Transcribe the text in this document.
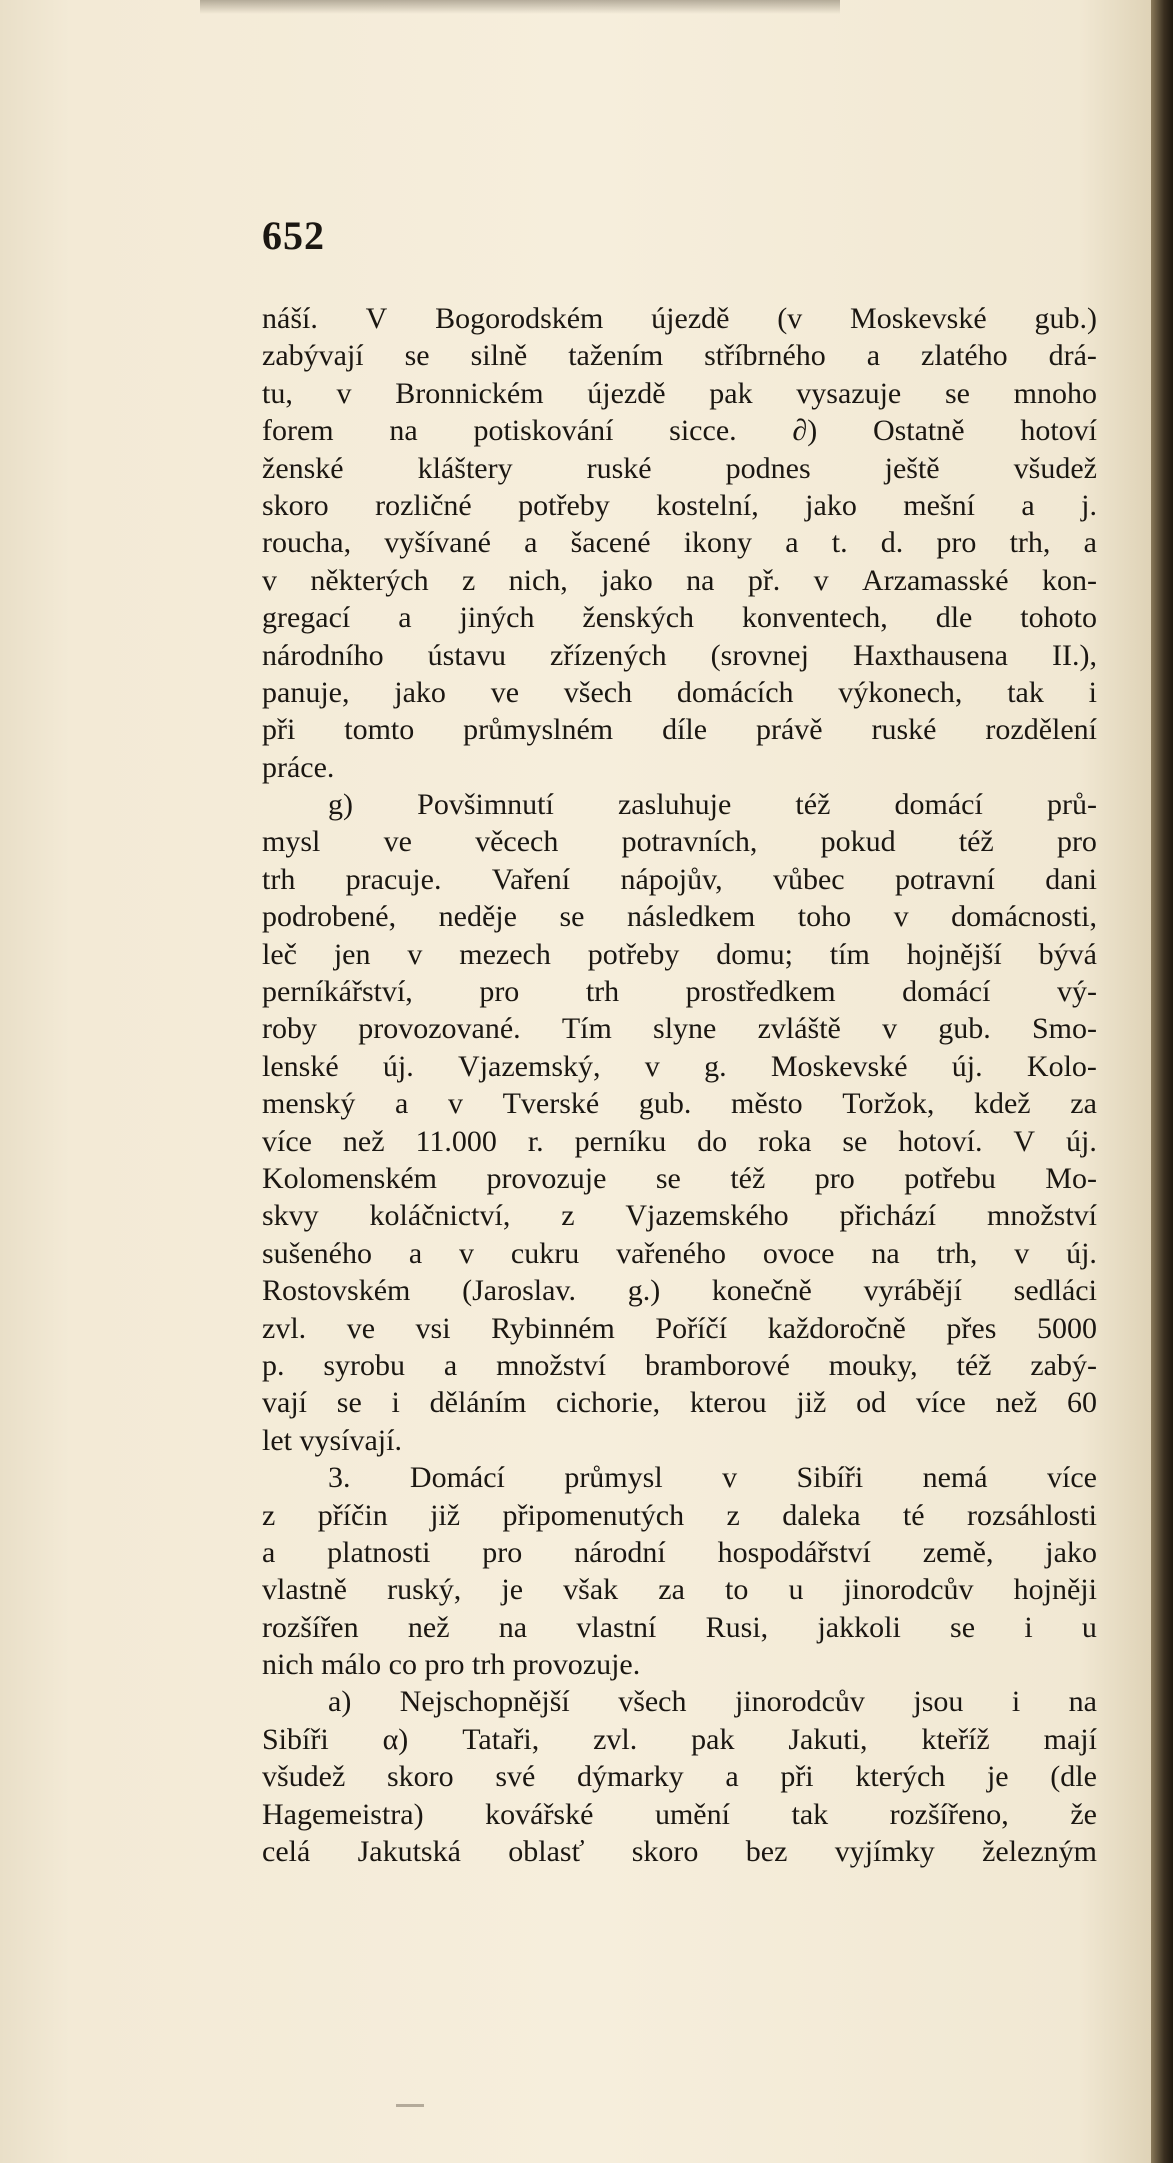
652
náší. V Bogorodském újezdě (v Moskevské gub.)
zabývají se silně tažením stříbrného a zlatého drá-
tu, v Bronnickém újezdě pak vysazuje se mnoho
forem na potiskování sicce. ∂) Ostatně hotoví
ženské kláštery ruské podnes ještě všudež
skoro rozličné potřeby kostelní, jako mešní a j.
roucha, vyšívané a šacené ikony a t. d. pro trh, a
v některých z nich, jako na př. v Arzamasské kon-
gregací a jiných ženských konventech, dle tohoto
národního ústavu zřízených (srovnej Haxthausena II.),
panuje, jako ve všech domácích výkonech, tak i
při tomto průmyslném díle právě ruské rozdělení
práce.
g) Povšimnutí zasluhuje též domácí prů-
mysl ve věcech potravních, pokud též pro
trh pracuje. Vaření nápojův, vůbec potravní dani
podrobené, neděje se následkem toho v domácnosti,
leč jen v mezech potřeby domu; tím hojnější bývá
perníkářství, pro trh prostředkem domácí vý-
roby provozované. Tím slyne zvláště v gub. Smo-
lenské új. Vjazemský, v g. Moskevské új. Kolo-
menský a v Tverské gub. město Toržok, kdež za
více než 11.000 r. perníku do roka se hotoví. V új.
Kolomenském provozuje se též pro potřebu Mo-
skvy koláčnictví, z Vjazemského přichází množství
sušeného a v cukru vařeného ovoce na trh, v új.
Rostovském (Jaroslav. g.) konečně vyrábějí sedláci
zvl. ve vsi Rybinném Poříčí každoročně přes 5000
p. syrobu a množství bramborové mouky, též zabý-
vají se i děláním cichorie, kterou již od více než 60
let vysívají.
3. Domácí průmysl v Sibíři nemá více
z příčin již připomenutých z daleka té rozsáhlosti
a platnosti pro národní hospodářství země, jako
vlastně ruský, je však za to u jinorodcův hojněji
rozšířen než na vlastní Rusi, jakkoli se i u
nich málo co pro trh provozuje.
a) Nejschopnější všech jinorodcův jsou i na
Sibíři α) Tataři, zvl. pak Jakuti, kteříž mají
všudež skoro své dýmarky a při kterých je (dle
Hagemeistra) kovářské umění tak rozšířeno, že
celá Jakutská oblasť skoro bez vyjímky železným
